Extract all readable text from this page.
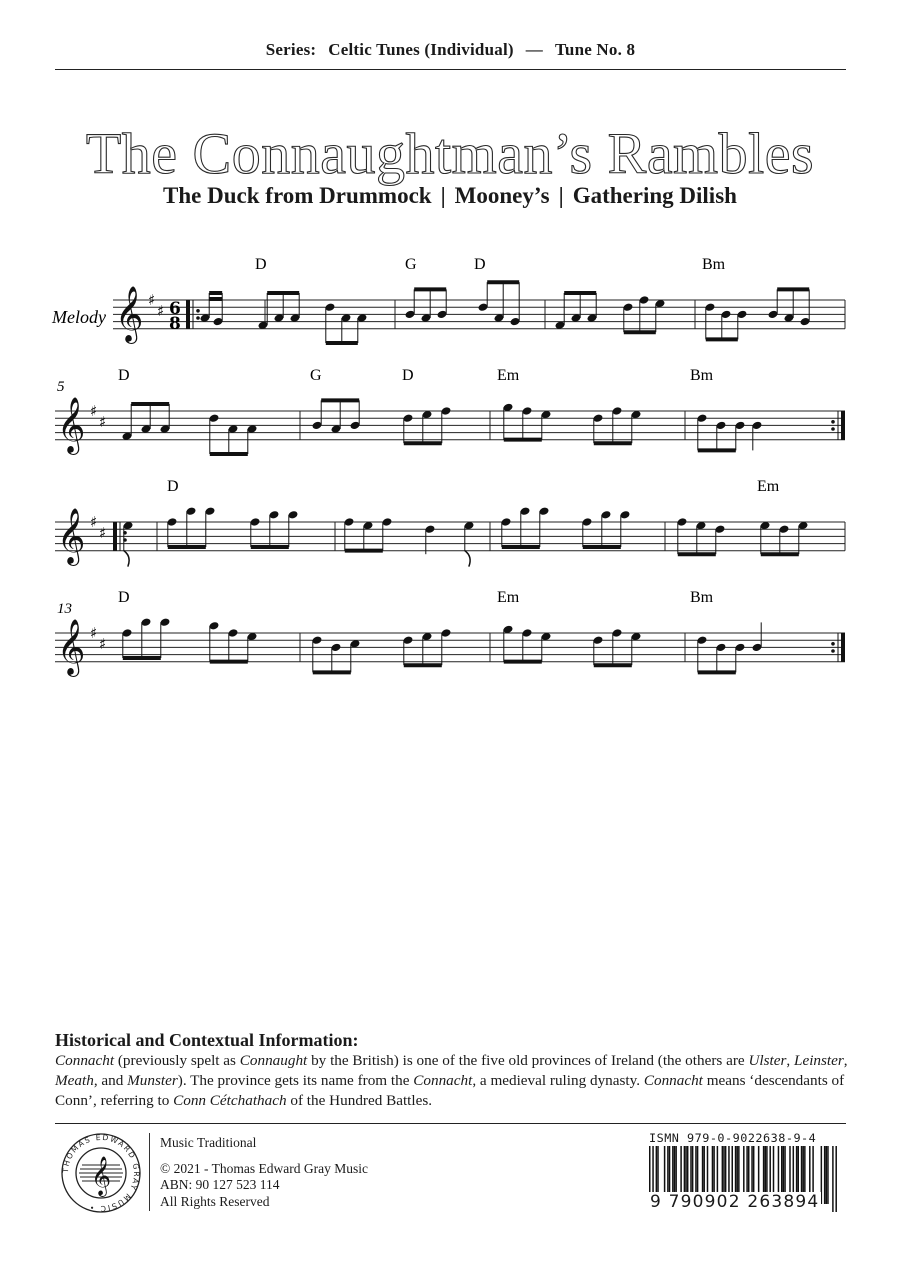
Series: Celtic Tunes (Individual) — Tune No. 8
The Connaughtman’s Rambles
The Duck from Drummock | Mooney’s | Gathering Dilish
𝄞 ♯
♯ 6
8
Melody
D	G	D	Bm
𝄞 ♯
♯
5
D	G	D	Em	Bm
𝄞 ♯
♯
D	Em
𝄞 ♯
♯
13
D	Em	Bm
Historical and Contextual Information:
Connacht (previously spelt as Connaught by the British) is one of the five old provinces of Ireland (the others are Ulster, Leinster, Meath, and Munster). The province gets its name from the Connacht, a medieval ruling dynasty. Connacht means ‘descendants of Conn’, referring to Conn Cétchathach of the Hundred Battles.
THOMAS EDWARD GRAY MUSIC •
𝄞
Music Traditional
© 2021 - Thomas Edward Gray Music
ABN: 90 127 523 114
All Rights Reserved
ISMN 979-0-9022638-9-4
9 790902 263894
